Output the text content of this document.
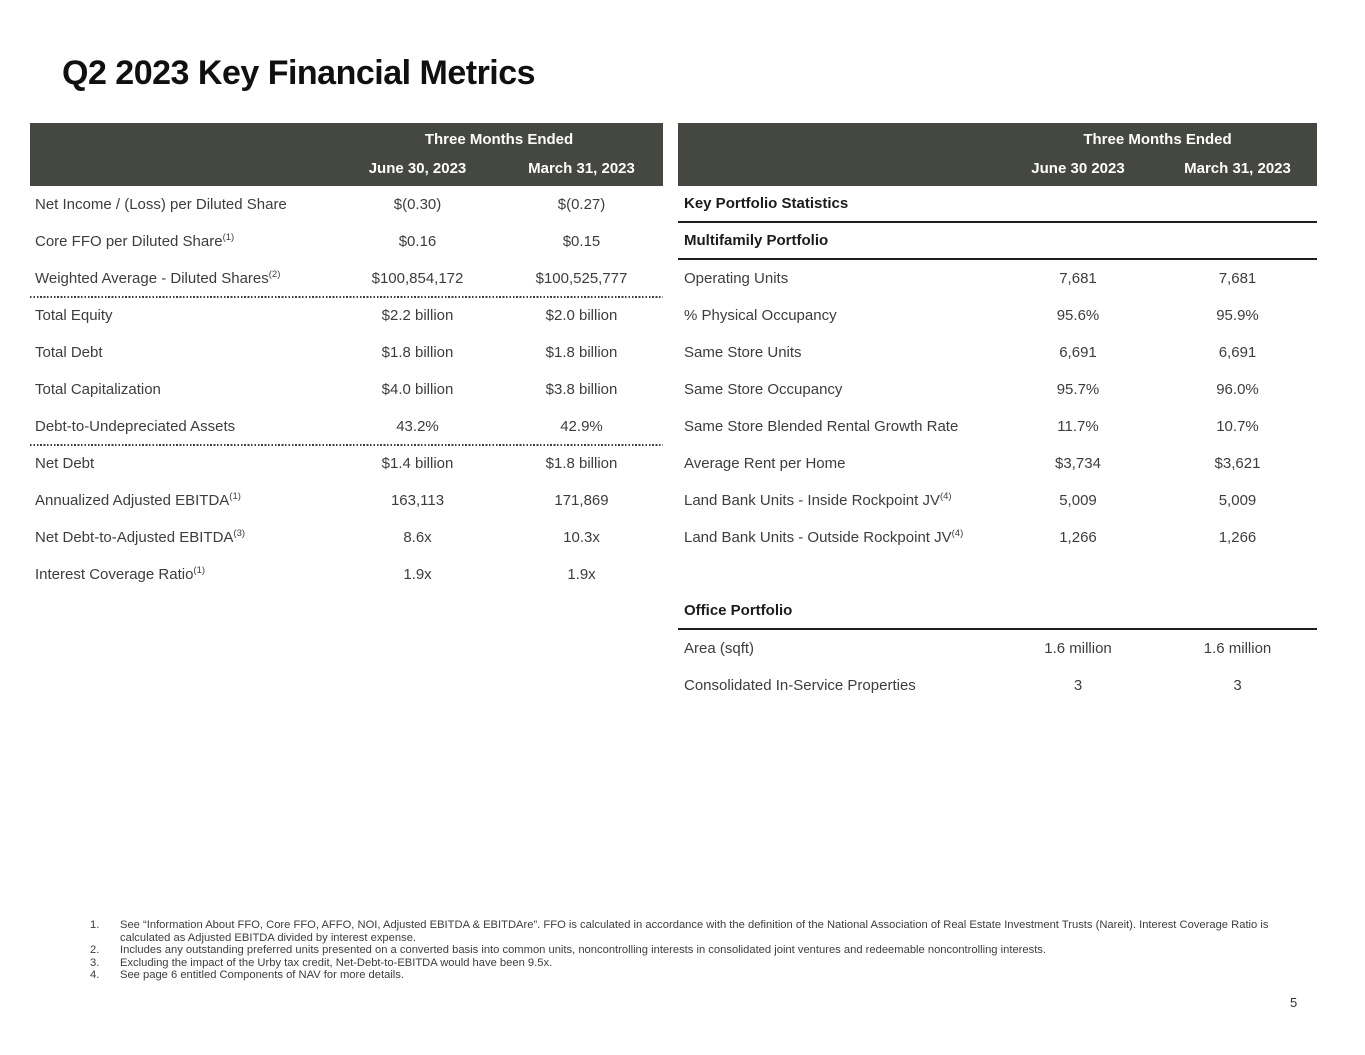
Q2 2023 Key Financial Metrics
Three Months Ended
June 30, 2023	March 31, 2023
Net Income / (Loss) per Diluted Share	$(0.30)	$(0.27)
Core FFO per Diluted Share$^{(1)}$	$0.16	$0.15
Weighted Average - Diluted Shares$^{(2)}$	$100,854,172	$100,525,777
Total Equity	$2.2 billion	$2.0 billion
Total Debt	$1.8 billion	$1.8 billion
Total Capitalization	$4.0 billion	$3.8 billion
Debt-to-Undepreciated Assets	43.2%	42.9%
Net Debt	$1.4 billion	$1.8 billion
Annualized Adjusted EBITDA$^{(1)}$	163,113	171,869
Net Debt-to-Adjusted EBITDA$^{(3)}$	8.6x	10.3x
Interest Coverage Ratio$^{(1)}$	1.9x	1.9x
Three Months Ended
June 30 2023	March 31, 2023
Key Portfolio Statistics
Multifamily Portfolio
Operating Units	7,681	7,681
% Physical Occupancy	95.6%	95.9%
Same Store Units	6,691	6,691
Same Store Occupancy	95.7%	96.0%
Same Store Blended Rental Growth Rate	11.7%	10.7%
Average Rent per Home	$3,734	$3,621
Land Bank Units - Inside Rockpoint JV$^{(4)}$	5,009	5,009
Land Bank Units - Outside Rockpoint JV$^{(4)}$	1,266	1,266
Office Portfolio
Area (sqft)	1.6 million	1.6 million
Consolidated In-Service Properties	3	3
1.	See “Information About FFO, Core FFO, AFFO, NOI, Adjusted EBITDA & EBITDAre”. FFO is calculated in accordance with the definition of the National Association of Real Estate Investment Trusts (Nareit). Interest Coverage Ratio is calculated as Adjusted EBITDA divided by interest expense.
2.	Includes any outstanding preferred units presented on a converted basis into common units, noncontrolling interests in consolidated joint ventures and redeemable noncontrolling interests.
3.	Excluding the impact of the Urby tax credit, Net-Debt-to-EBITDA would have been 9.5x.
4.	See page 6 entitled Components of NAV for more details.
5
